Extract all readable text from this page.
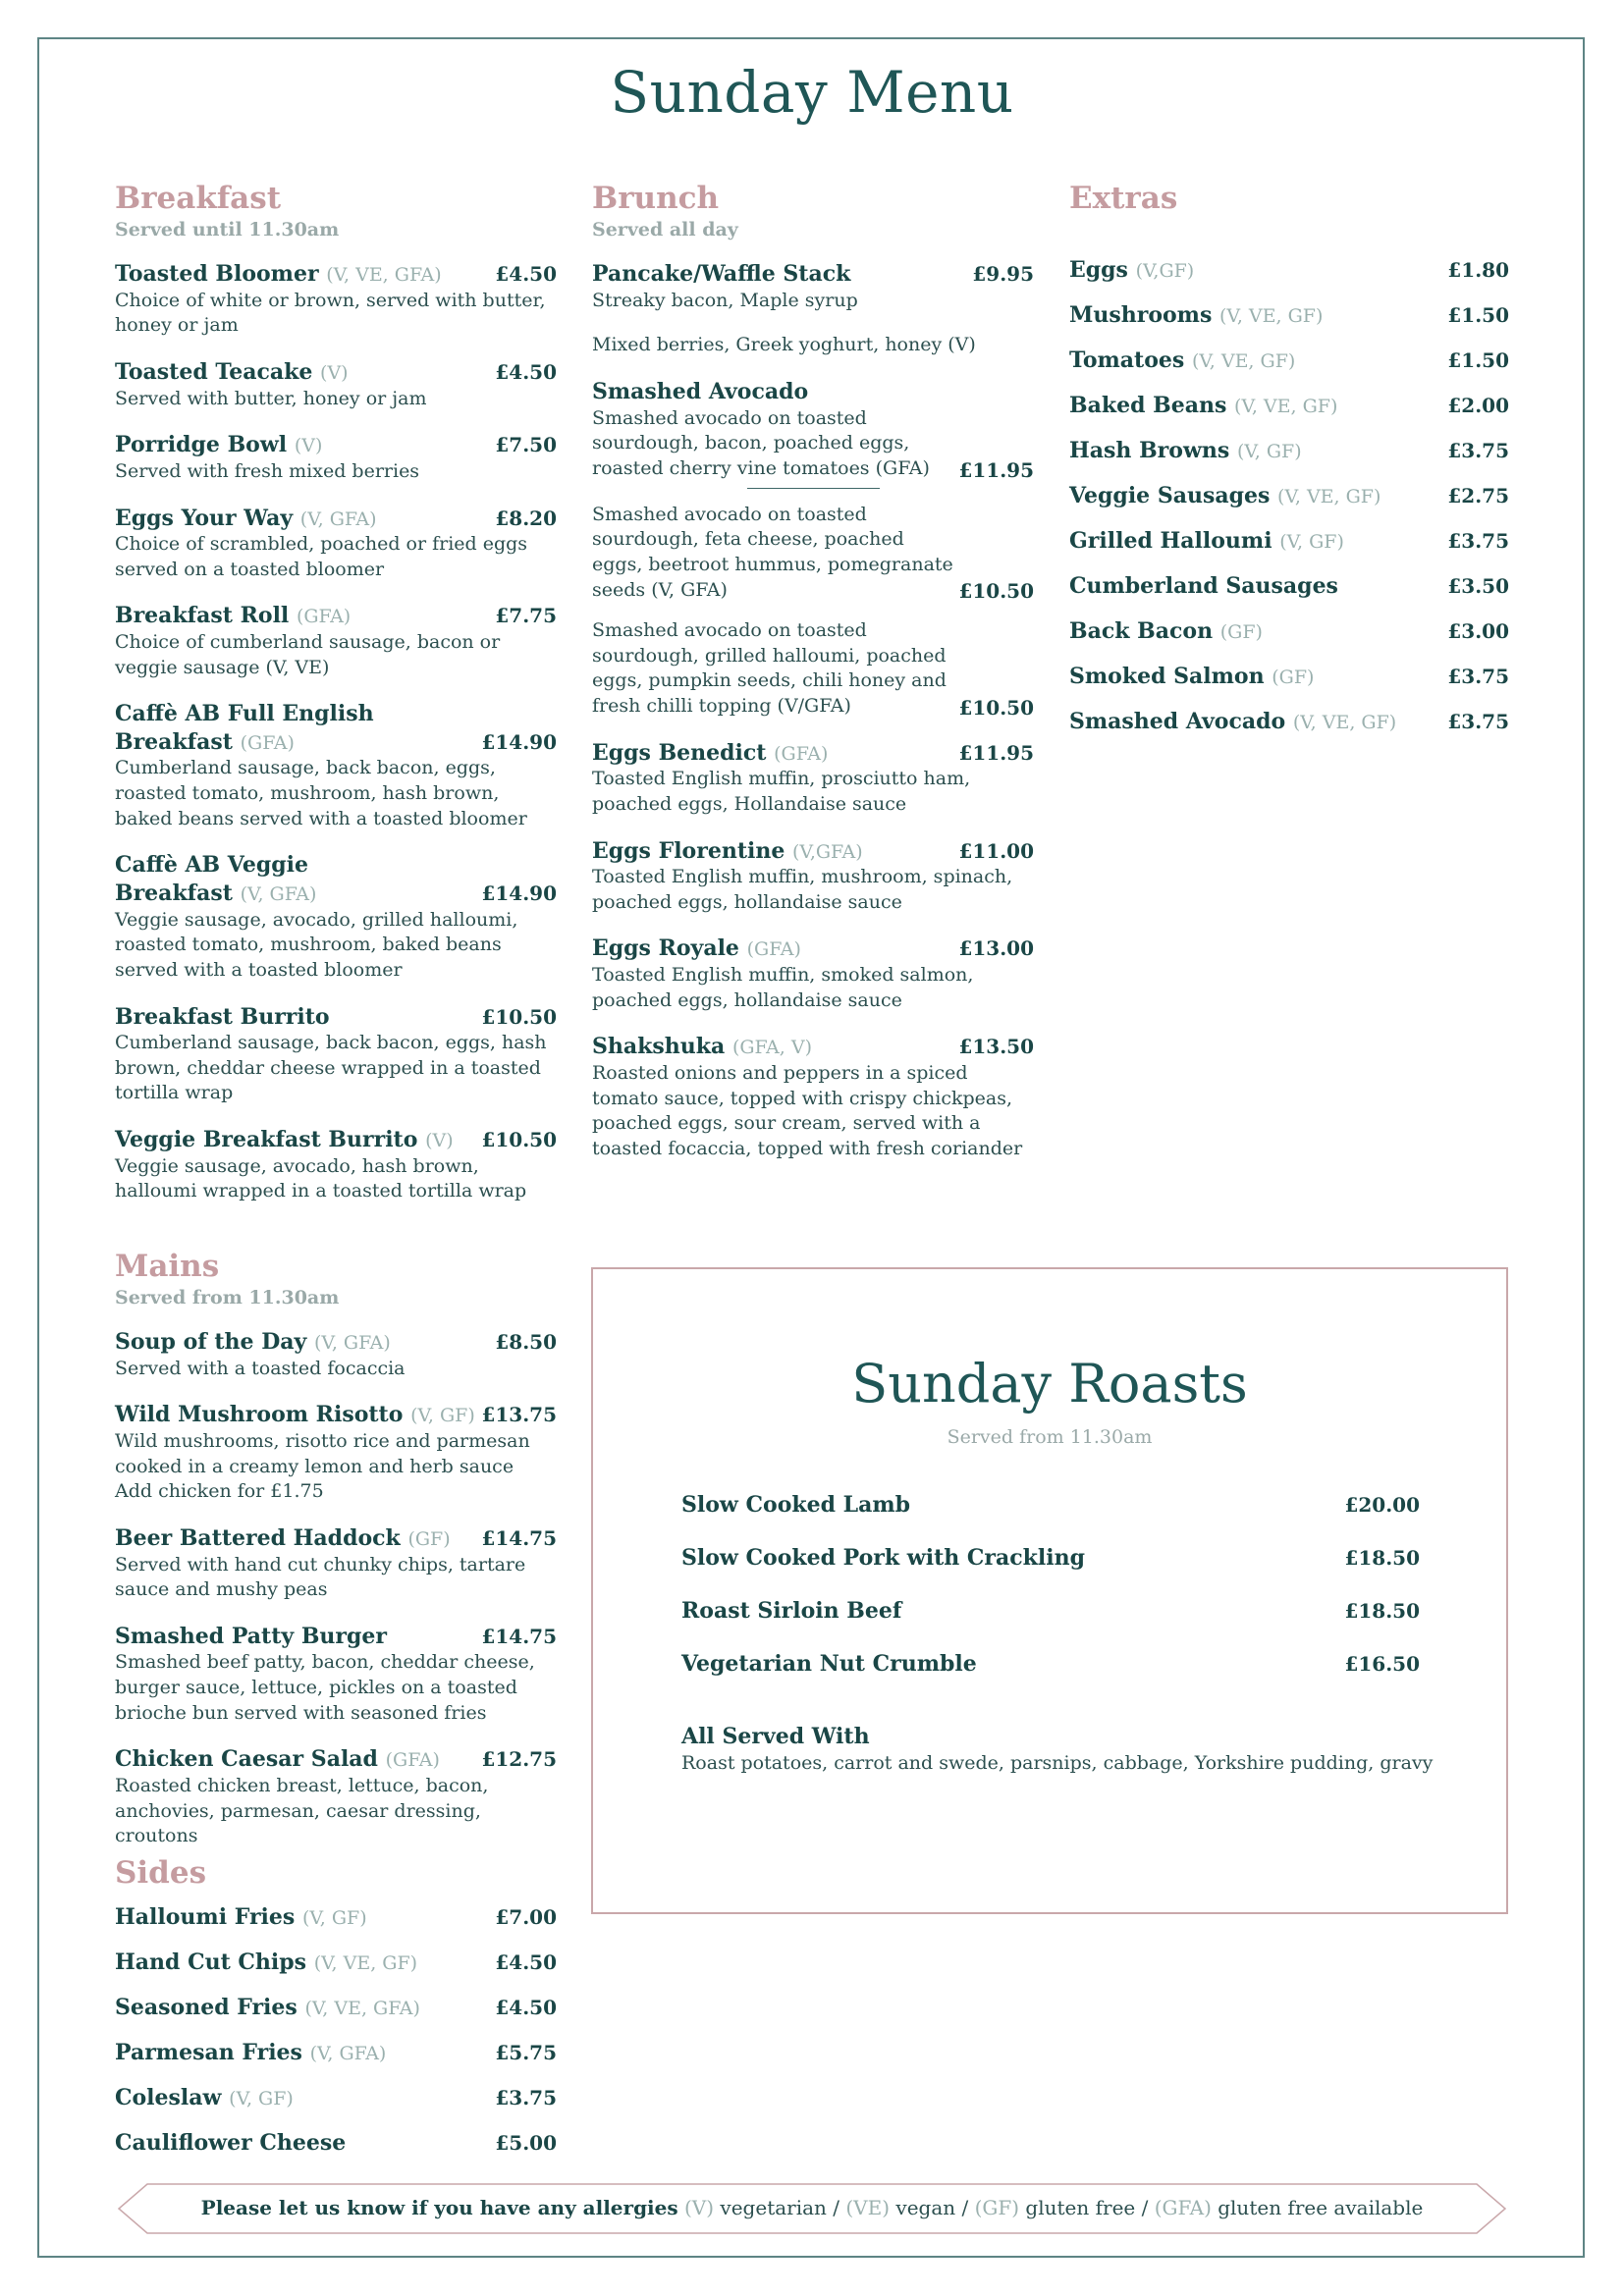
Sunday Menu
Breakfast
Served until 11.30am
Toasted Bloomer (V, VE, GFA)	£4.50
Choice of white or brown, served with butter, honey or jam
Toasted Teacake (V)	£4.50
Served with butter, honey or jam
Porridge Bowl (V)	£7.50
Served with fresh mixed berries
Eggs Your Way (V, GFA)	£8.20
Choice of scrambled, poached or fried eggs served on a toasted bloomer
Breakfast Roll (GFA)	£7.75
Choice of cumberland sausage, bacon or veggie sausage (V, VE)
Caffè AB Full English
Breakfast (GFA)	£14.90
Cumberland sausage, back bacon, eggs, roasted tomato, mushroom, hash brown, baked beans served with a toasted bloomer
Caffè AB Veggie
Breakfast (V, GFA)	£14.90
Veggie sausage, avocado, grilled halloumi, roasted tomato, mushroom, baked beans served with a toasted bloomer
Breakfast Burrito	£10.50
Cumberland sausage, back bacon, eggs, hash brown, cheddar cheese wrapped in a toasted tortilla wrap
Veggie Breakfast Burrito (V) £10.50
Veggie sausage, avocado, hash brown, halloumi wrapped in a toasted tortilla wrap
Brunch
Served all day
Pancake/Waffle Stack	£9.95
Streaky bacon, Maple syrup
Mixed berries, Greek yoghurt, honey (V)
Smashed Avocado
Smashed avocado on toasted sourdough, bacon, poached eggs, roasted cherry vine tomatoes (GFA)	£11.95
Smashed avocado on toasted sourdough, feta cheese, poached eggs, beetroot hummus, pomegranate seeds (V, GFA)	£10.50
Smashed avocado on toasted sourdough, grilled halloumi, poached eggs, pumpkin seeds, chili honey and fresh chilli topping (V/GFA)	£10.50
Eggs Benedict (GFA)	£11.95
Toasted English muffin, prosciutto ham, poached eggs, Hollandaise sauce
Eggs Florentine (V,GFA)	£11.00
Toasted English muffin, mushroom, spinach, poached eggs, hollandaise sauce
Eggs Royale (GFA)	£13.00
Toasted English muffin, smoked salmon, poached eggs, hollandaise sauce
Shakshuka (GFA, V)	£13.50
Roasted onions and peppers in a spiced tomato sauce, topped with crispy chickpeas, poached eggs, sour cream, served with a toasted focaccia, topped with fresh coriander
Extras
Eggs (V,GF)	£1.80
Mushrooms (V, VE, GF)	£1.50
Tomatoes (V, VE, GF)	£1.50
Baked Beans (V, VE, GF)	£2.00
Hash Browns (V, GF)	£3.75
Veggie Sausages (V, VE, GF)	£2.75
Grilled Halloumi (V, GF)	£3.75
Cumberland Sausages	£3.50
Back Bacon (GF)	£3.00
Smoked Salmon (GF)	£3.75
Smashed Avocado (V, VE, GF)	£3.75
Mains
Served from 11.30am
Soup of the Day (V, GFA)	£8.50
Served with a toasted focaccia
Wild Mushroom Risotto (V, GF) £13.75
Wild mushrooms, risotto rice and parmesan cooked in a creamy lemon and herb sauce
Add chicken for £1.75
Beer Battered Haddock (GF) £14.75
Served with hand cut chunky chips, tartare sauce and mushy peas
Smashed Patty Burger	£14.75
Smashed beef patty, bacon, cheddar cheese, burger sauce, lettuce, pickles on a toasted brioche bun served with seasoned fries
Chicken Caesar Salad (GFA) £12.75
Roasted chicken breast, lettuce, bacon, anchovies, parmesan, caesar dressing, croutons
Sides
Halloumi Fries (V, GF)	£7.00
Hand Cut Chips (V, VE, GF)	£4.50
Seasoned Fries (V, VE, GFA)	£4.50
Parmesan Fries (V, GFA)	£5.75
Coleslaw (V, GF)	£3.75
Cauliflower Cheese	£5.00
Sunday Roasts
Served from 11.30am
Slow Cooked Lamb	£20.00
Slow Cooked Pork with Crackling	£18.50
Roast Sirloin Beef	£18.50
Vegetarian Nut Crumble	£16.50
All Served With
Roast potatoes, carrot and swede, parsnips, cabbage, Yorkshire pudding, gravy
Please let us know if you have any allergies (V) vegetarian / (VE) vegan / (GF) gluten free / (GFA) gluten free available
